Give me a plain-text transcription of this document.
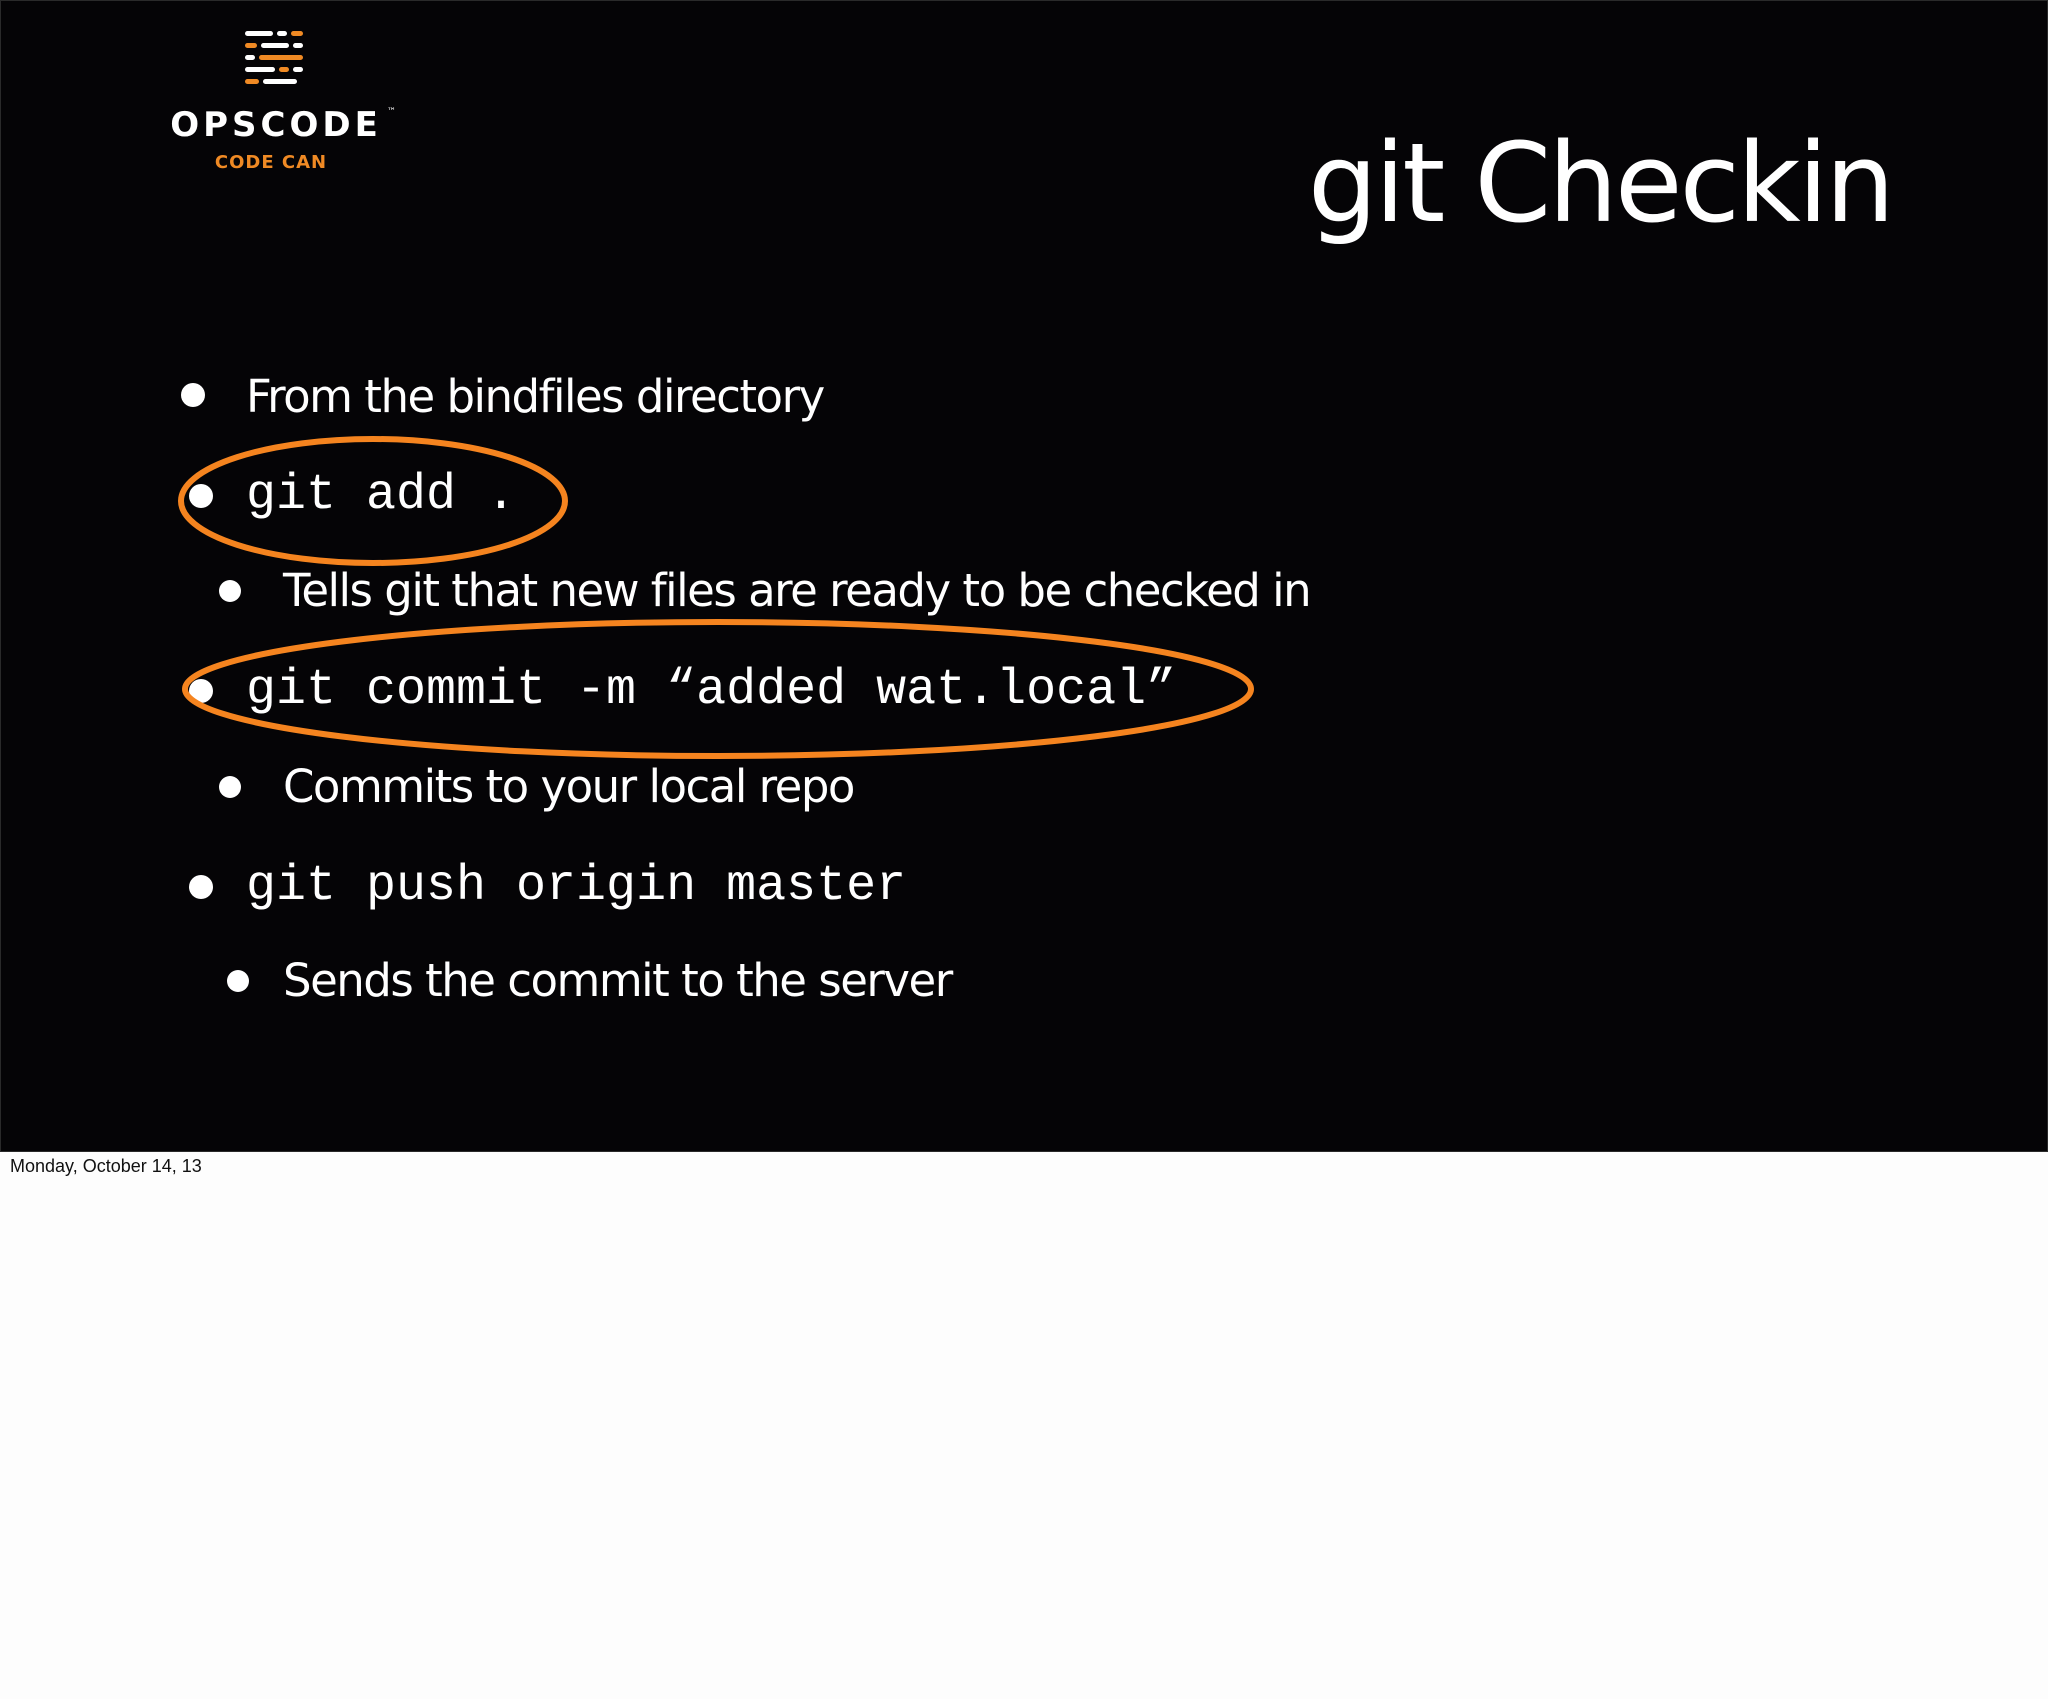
OPSCODE ™
CODE CAN	git Checkin
From the bindfiles directory
git add .
Tells git that new files are ready to be checked in
git commit -m “added wat.local”
Commits to your local repo
git push origin master
Sends the commit to the server
Monday, October 14, 13
